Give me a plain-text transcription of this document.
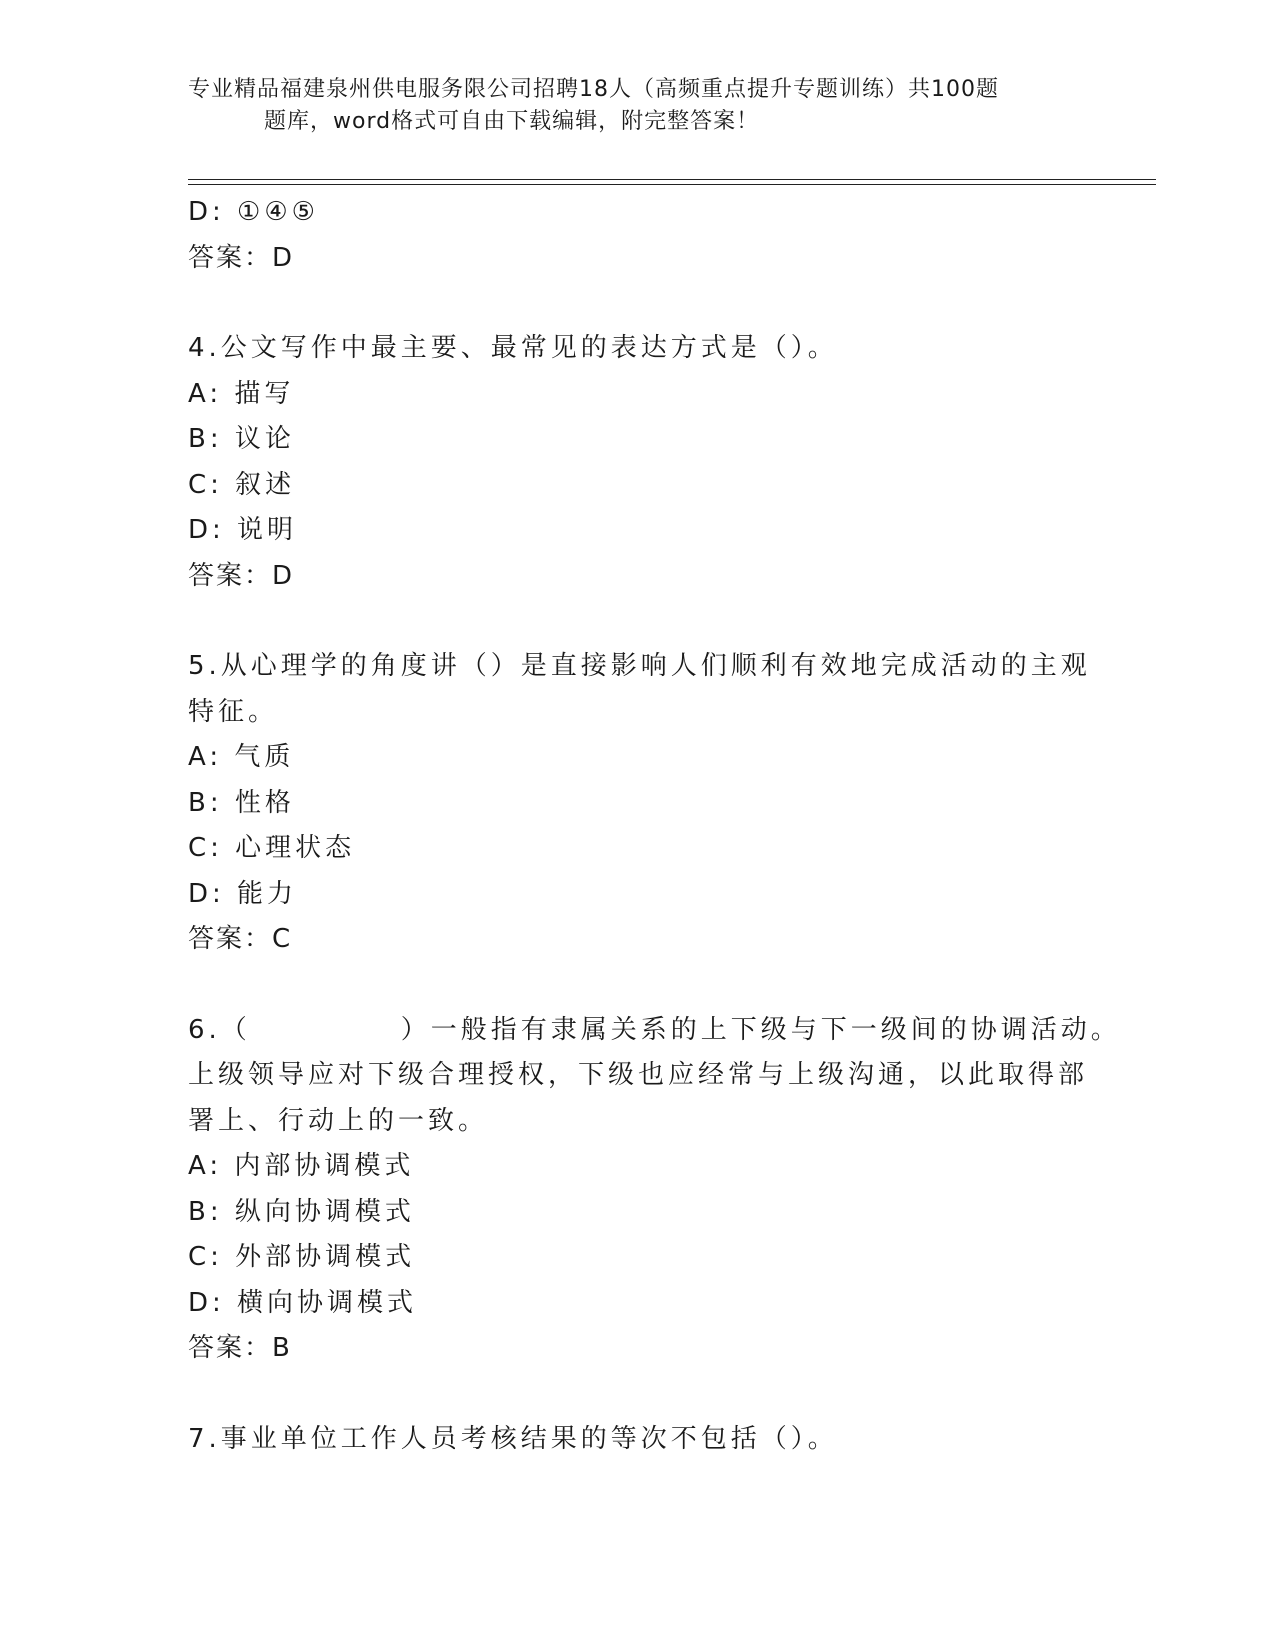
专业精品福建泉州供电服务限公司招聘18人（高频重点提升专题训练）共100题
题库，word格式可自由下载编辑，附完整答案！
D: ①④⑤
答案：D
4.公文写作中最主要、最常见的表达方式是（）。
A: 描写
B: 议论
C: 叙述
D: 说明
答案：D
5.从心理学的角度讲（）是直接影响人们顺利有效地完成活动的主观
特征。
A: 气质
B: 性格
C: 心理状态
D: 能力
答案：C
6.（　　　　　）一般指有隶属关系的上下级与下一级间的协调活动。
上级领导应对下级合理授权，下级也应经常与上级沟通，以此取得部
署上、行动上的一致。
A: 内部协调模式
B: 纵向协调模式
C: 外部协调模式
D: 横向协调模式
答案：B
7.事业单位工作人员考核结果的等次不包括（）。
